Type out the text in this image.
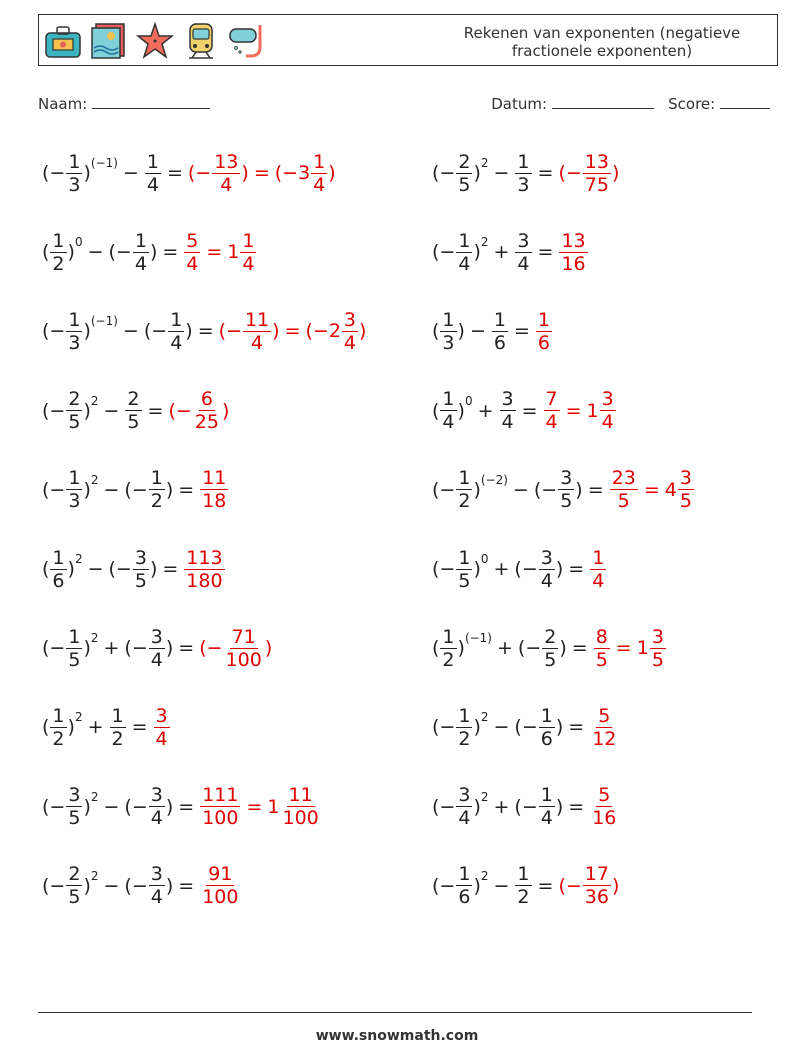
Rekenen van exponenten (negatieve
fractionele exponenten)
Naam:	Datum:	Score:
( − $\frac{1}{3}$ ) $(-1) - \frac{1}{4}$ = (− $\frac{13}{4}$ ) = ($-3 \frac{1}{4}$ )	( − $\frac{2}{5}$ ) $2 - \frac{1}{3}$ = (− $\frac{13}{75}$ )
( $\frac{1}{2}$ ) 0 − (− $\frac{1}{4}$ ) = $\frac{5}{4} = 1 \frac{1}{4}$	( − $\frac{1}{4}$ ) $2 + \frac{3}{4} = \frac{13}{16}$
( − $\frac{1}{3}$ ) (−1) − (− $\frac{1}{4}$ ) = (− $\frac{11}{4}$ ) = ($-2 \frac{3}{4}$ )	( $\frac{1}{3}$ ) − $\frac{1}{6} = \frac{1}{6}$
( − $\frac{2}{5}$ ) $2 - \frac{2}{5}$ = (− $\frac{6}{25}$ )	( $\frac{1}{4}$ ) $0 + \frac{3}{4} = \frac{7}{4} = 1 \frac{3}{4}$
( − $\frac{1}{3}$ ) 2 − (− $\frac{1}{2}$ ) = $\frac{11}{18}$	( − $\frac{1}{2}$ ) (−2) − (− $\frac{3}{5}$ ) = $\frac{23}{5} = 4 \frac{3}{5}$
( $\frac{1}{6}$ ) 2 − (− $\frac{3}{5}$ ) = $\frac{113}{180}$	( − $\frac{1}{5}$ ) 0 + (− $\frac{3}{4}$ ) = $\frac{1}{4}$
( − $\frac{1}{5}$ ) 2 + (− $\frac{3}{4}$ ) = (− $\frac{71}{100}$ )	( $\frac{1}{2}$ ) (−1) + (− $\frac{2}{5}$ ) = $\frac{8}{5} = 1 \frac{3}{5}$
( $\frac{1}{2}$ ) $2 + \frac{1}{2} = \frac{3}{4}$	( − $\frac{1}{2}$ ) 2 − (− $\frac{1}{6}$ ) = $\frac{5}{12}$
( − $\frac{3}{5}$ ) 2 − (− $\frac{3}{4}$ ) = $\frac{111}{100} = 1 \frac{11}{100}$	( − $\frac{3}{4}$ ) 2 + (− $\frac{1}{4}$ ) = $\frac{5}{16}$
( − $\frac{2}{5}$ ) 2 − (− $\frac{3}{4}$ ) = $\frac{91}{100}$	( − $\frac{1}{6}$ ) $2 - \frac{1}{2}$ = (− $\frac{17}{36}$ )
www.snowmath.com
